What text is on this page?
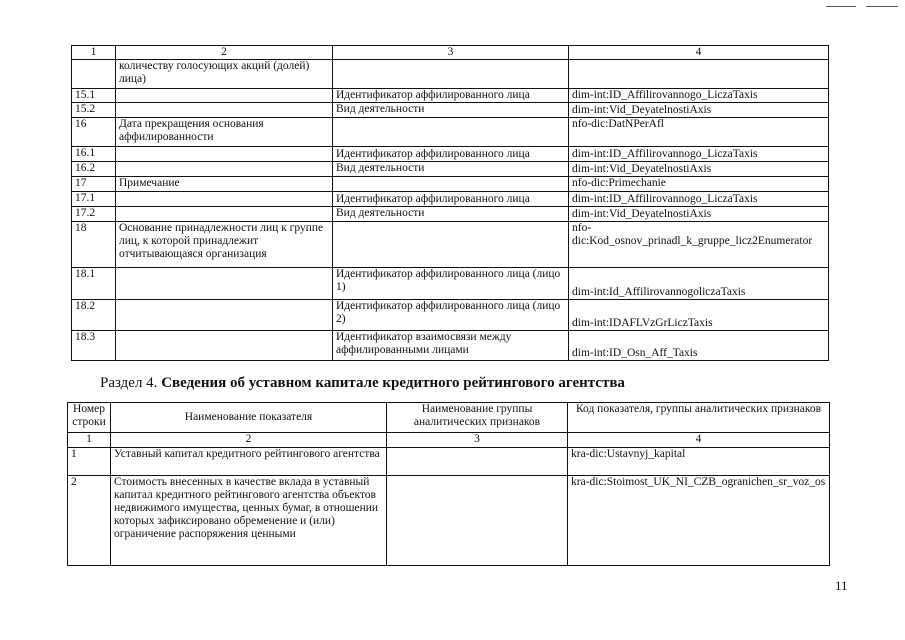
1	2	3	4
	количеству голосующих акций (долей) лица)		
15.1		Идентификатор аффилированного лица	dim-int:ID_Affilirovannogo_LiczaTaxis
15.2		Вид деятельности	dim-int:Vid_DeyatelnostiAxis
16	Дата прекращения основания аффилированности		nfo-dic:DatNPerAfl
16.1		Идентификатор аффилированного лица	dim-int:ID_Affilirovannogo_LiczaTaxis
16.2		Вид деятельности	dim-int:Vid_DeyatelnostiAxis
17	Примечание		nfo-dic:Primechanie
17.1		Идентификатор аффилированного лица	dim-int:ID_Affilirovannogo_LiczaTaxis
17.2		Вид деятельности	dim-int:Vid_DeyatelnostiAxis
18	Основание принадлежности лиц к группе лиц, к которой принадлежит отчитывающаяся организация		nfo-dic:Kod_osnov_prinadl_k_gruppe_licz2Enumerator
18.1		Идентификатор аффилированного лица (лицо 1)	dim-int:Id_AffilirovannogoliczaTaxis
18.2		Идентификатор аффилированного лица (лицо 2)	dim-int:IDAFLVzGrLiczTaxis
18.3		Идентификатор взаимосвязи между аффилированными лицами	dim-int:ID_Osn_Aff_Taxis
Раздел 4. Сведения об уставном капитале кредитного рейтингового агентства
Номер строки	Наименование показателя	Наименование группы аналитических признаков	Код показателя, группы аналитических признаков
1	2	3	4
1	Уставный капитал кредитного рейтингового агентства		kra-dic:Ustavnyj_kapital
2	Стоимость внесенных в качестве вклада в уставный капитал кредитного рейтингового агентства объектов недвижимого имущества, ценных бумаг, в отношении которых зафиксировано обременение и (или) ограничение распоряжения ценными		kra-dic:Stoimost_UK_NI_CZB_ogranichen_sr_voz_os
11
